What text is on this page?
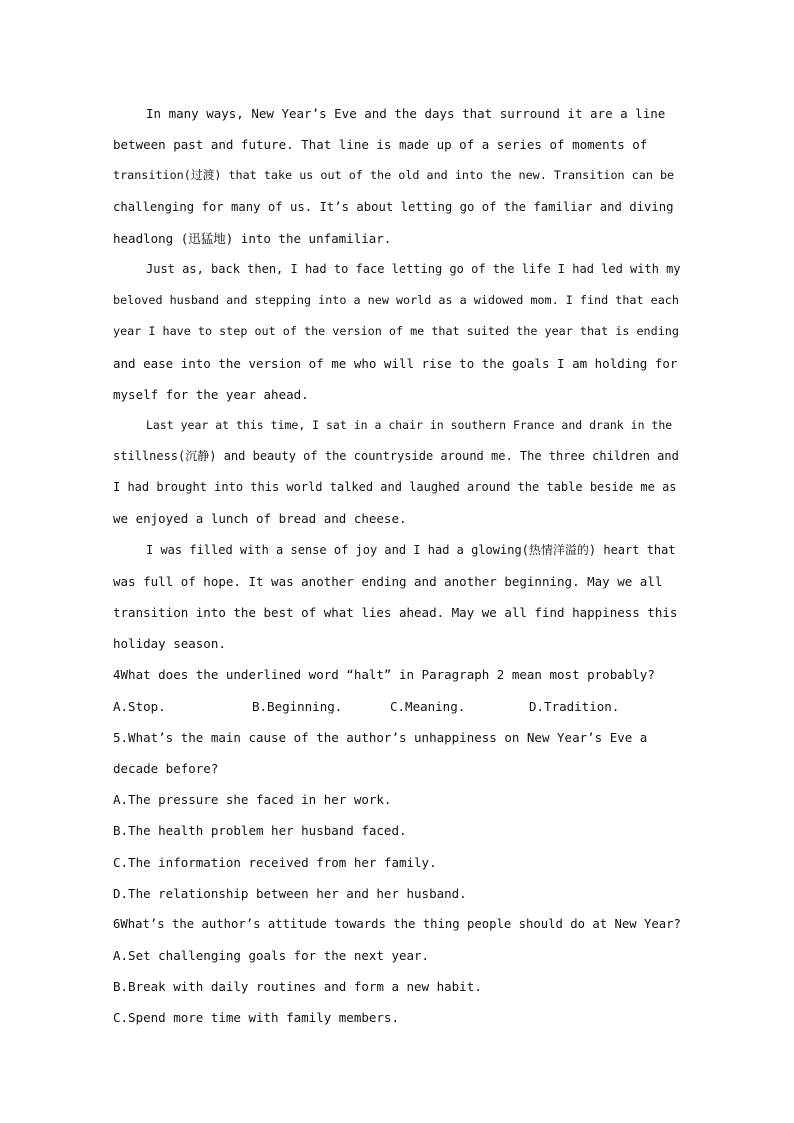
In many ways, New Year’s Eve and the days that surround it are a line
between past and future. That line is made up of a series of moments of
transition(过渡) that take us out of the old and into the new. Transition can be
challenging for many of us. It’s about letting go of the familiar and diving
headlong (迅猛地) into the unfamiliar.
Just as, back then, I had to face letting go of the life I had led with my
beloved husband and stepping into a new world as a widowed mom. I find that each
year I have to step out of the version of me that suited the year that is ending
and ease into the version of me who will rise to the goals I am holding for
myself for the year ahead.
Last year at this time, I sat in a chair in southern France and drank in the
stillness(沉静) and beauty of the countryside around me. The three children and
I had brought into this world talked and laughed around the table beside me as
we enjoyed a lunch of bread and cheese.
I was filled with a sense of joy and I had a glowing(热情洋溢的) heart that
was full of hope. It was another ending and another beginning. May we all
transition into the best of what lies ahead. May we all find happiness this
holiday season.
4What does the underlined word “halt” in Paragraph 2 mean most probably?
A.Stop.	B.Beginning.	C.Meaning.	D.Tradition.
5.What’s the main cause of the author’s unhappiness on New Year’s Eve a
decade before?
A.The pressure she faced in her work.
B.The health problem her husband faced.
C.The information received from her family.
D.The relationship between her and her husband.
6What’s the author’s attitude towards the thing people should do at New Year?
A.Set challenging goals for the next year.
B.Break with daily routines and form a new habit.
C.Spend more time with family members.
